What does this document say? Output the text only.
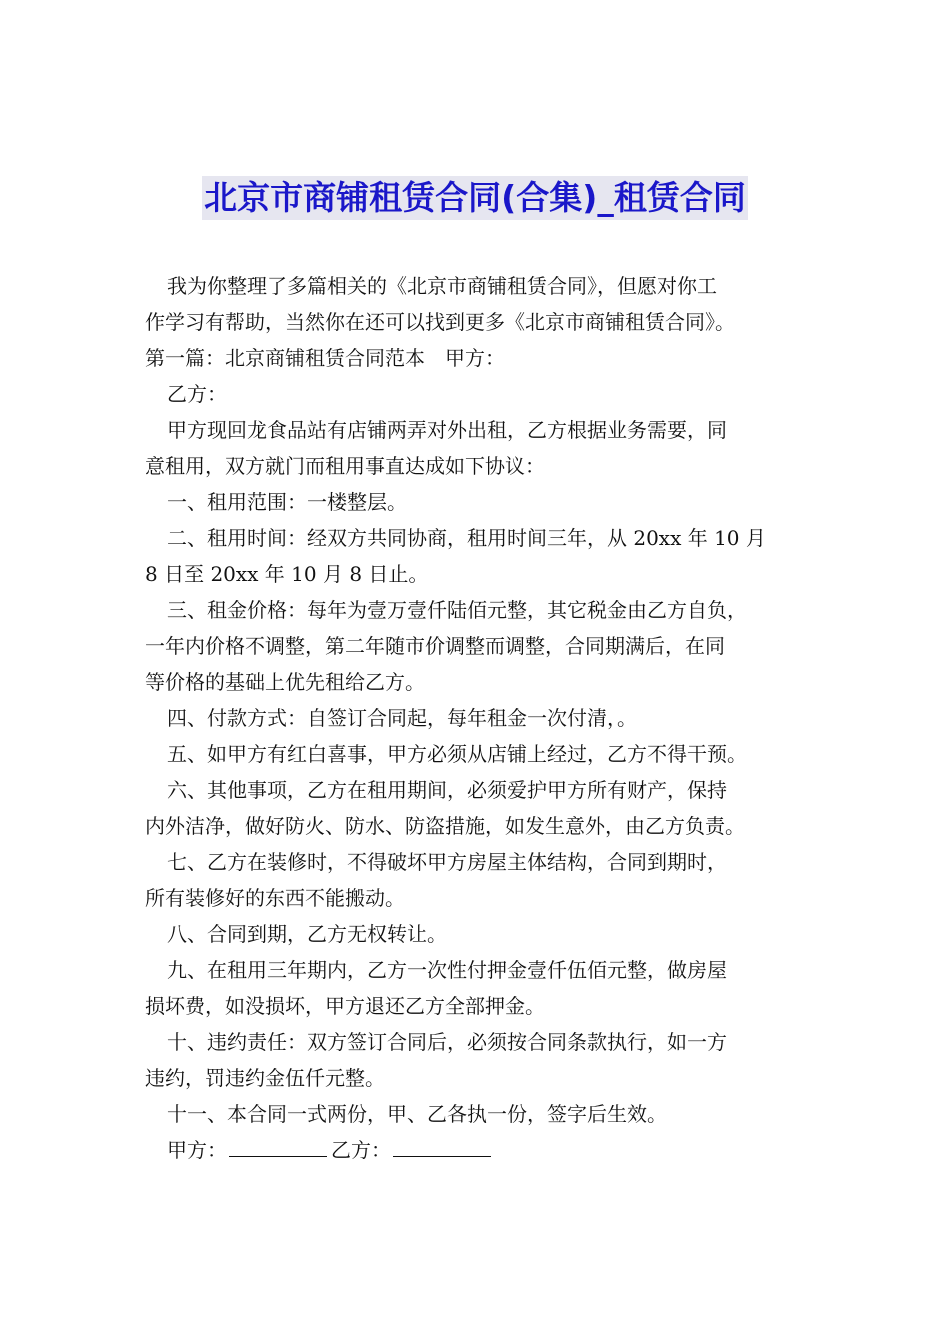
北京市商铺租赁合同(合集)_租赁合同

我为你整理了多篇相关的《北京市商铺租赁合同》，但愿对你工

作学习有帮助，当然你在还可以找到更多《北京市商铺租赁合同》。

第一篇：北京商铺租赁合同范本　甲方：

乙方：

甲方现回龙食品站有店铺两弄对外出租，乙方根据业务需要，同

意租用，双方就门而租用事直达成如下协议：

一、租用范围：一楼整层。

二、租用时间：经双方共同协商，租用时间三年，从 20xx 年 10 月

8 日至 20xx 年 10 月 8 日止。

三、租金价格：每年为壹万壹仟陆佰元整，其它税金由乙方自负，

一年内价格不调整，第二年随市价调整而调整，合同期满后，在同

等价格的基础上优先租给乙方。

四、付款方式：自签订合同起，每年租金一次付清，。

五、如甲方有红白喜事，甲方必须从店铺上经过，乙方不得干预。

六、其他事项，乙方在租用期间，必须爱护甲方所有财产，保持

内外洁净，做好防火、防水、防盗措施，如发生意外，由乙方负责。

七、乙方在装修时，不得破坏甲方房屋主体结构，合同到期时，

所有装修好的东西不能搬动。

八、合同到期，乙方无权转让。

九、在租用三年期内，乙方一次性付押金壹仟伍佰元整，做房屋

损坏费，如没损坏，甲方退还乙方全部押金。

十、违约责任：双方签订合同后，必须按合同条款执行，如一方

违约，罚违约金伍仟元整。

十一、本合同一式两份，甲、乙各执一份，签字后生效。

甲方：	乙方：
